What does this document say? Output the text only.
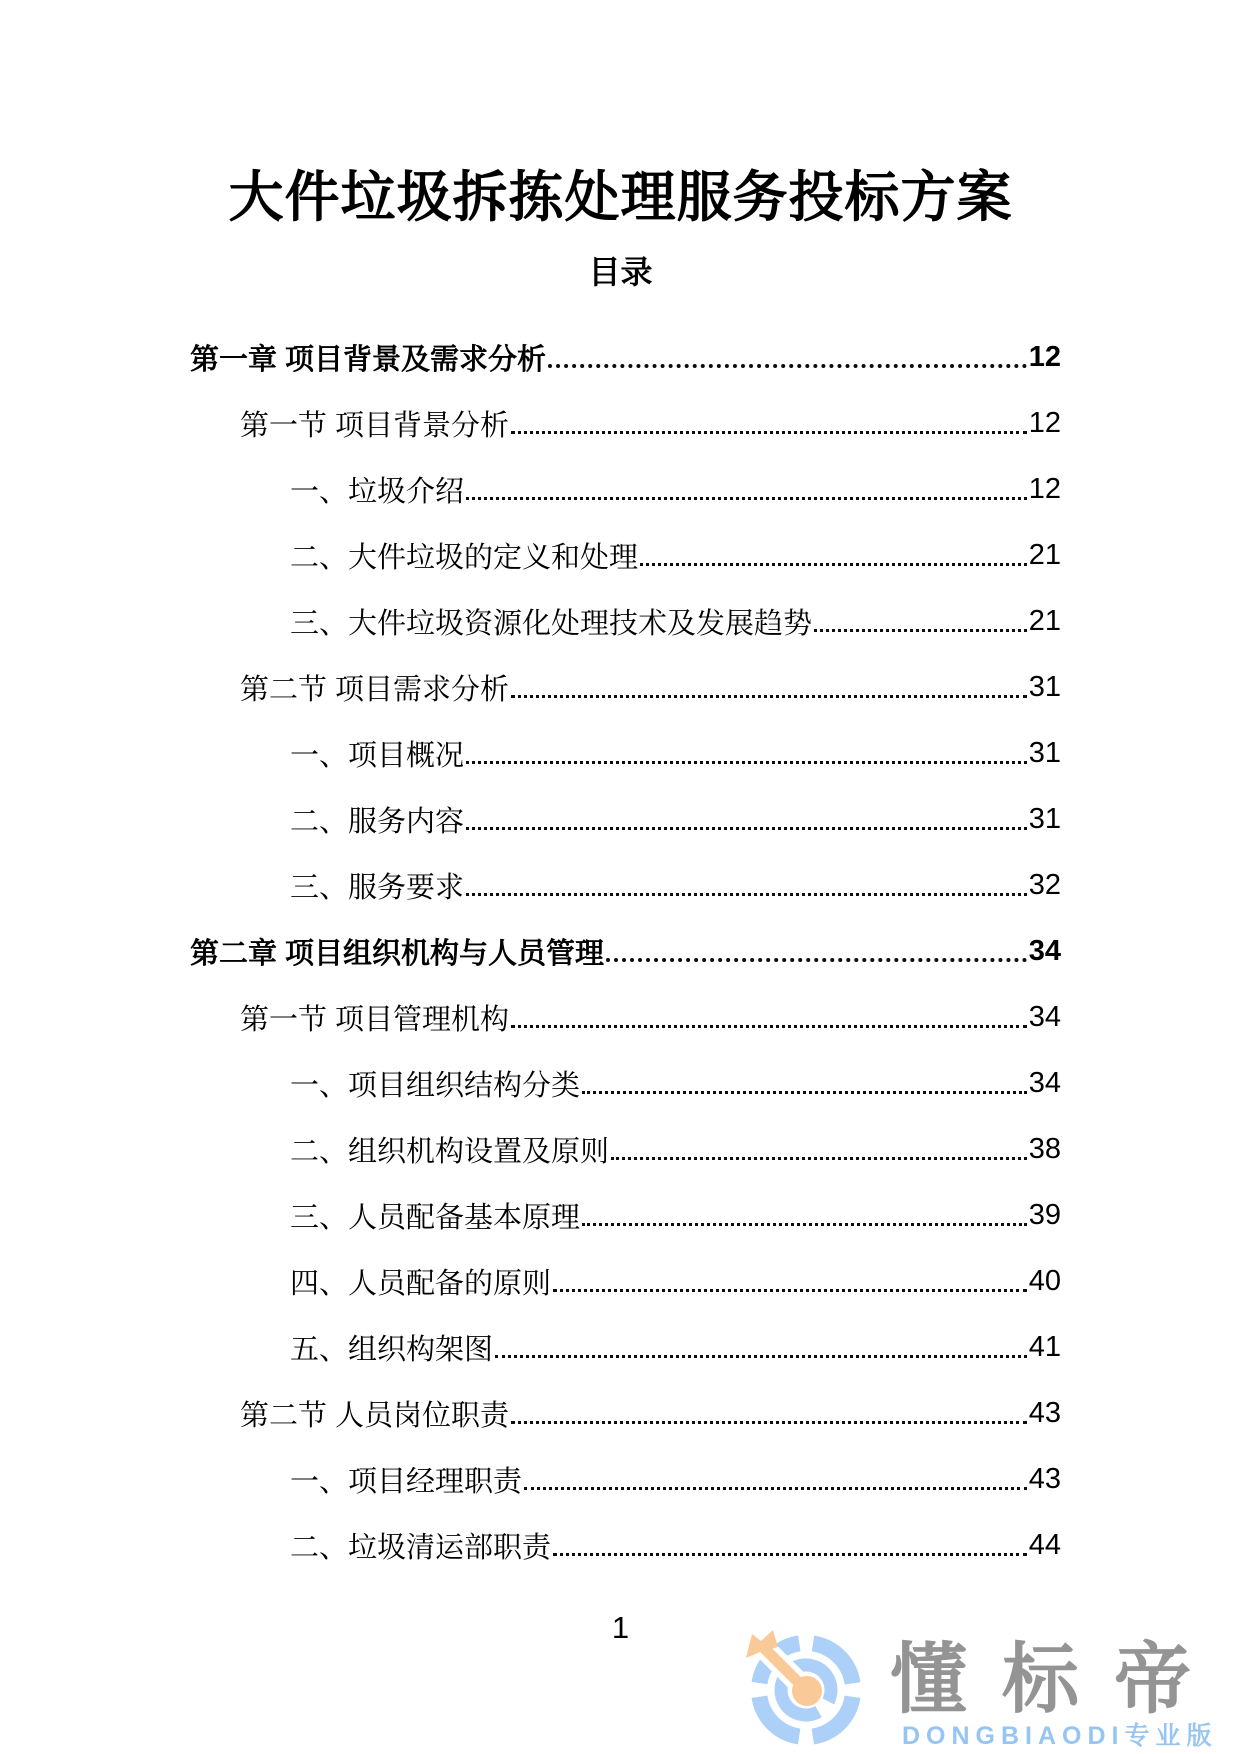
大件垃圾拆拣处理服务投标方案
目录
第一章 项目背景及需求分析	12
第一节 项目背景分析	12
一、垃圾介绍	12
二、大件垃圾的定义和处理	21
三、大件垃圾资源化处理技术及发展趋势	21
第二节 项目需求分析	31
一、项目概况	31
二、服务内容	31
三、服务要求	32
第二章 项目组织机构与人员管理	34
第一节 项目管理机构	34
一、项目组织结构分类	34
二、组织机构设置及原则	38
三、人员配备基本原理	39
四、人员配备的原则	40
五、组织构架图	41
第二节 人员岗位职责	43
一、项目经理职责	43
二、垃圾清运部职责	44
1
懂标帝
DONGBIAODI专业版
